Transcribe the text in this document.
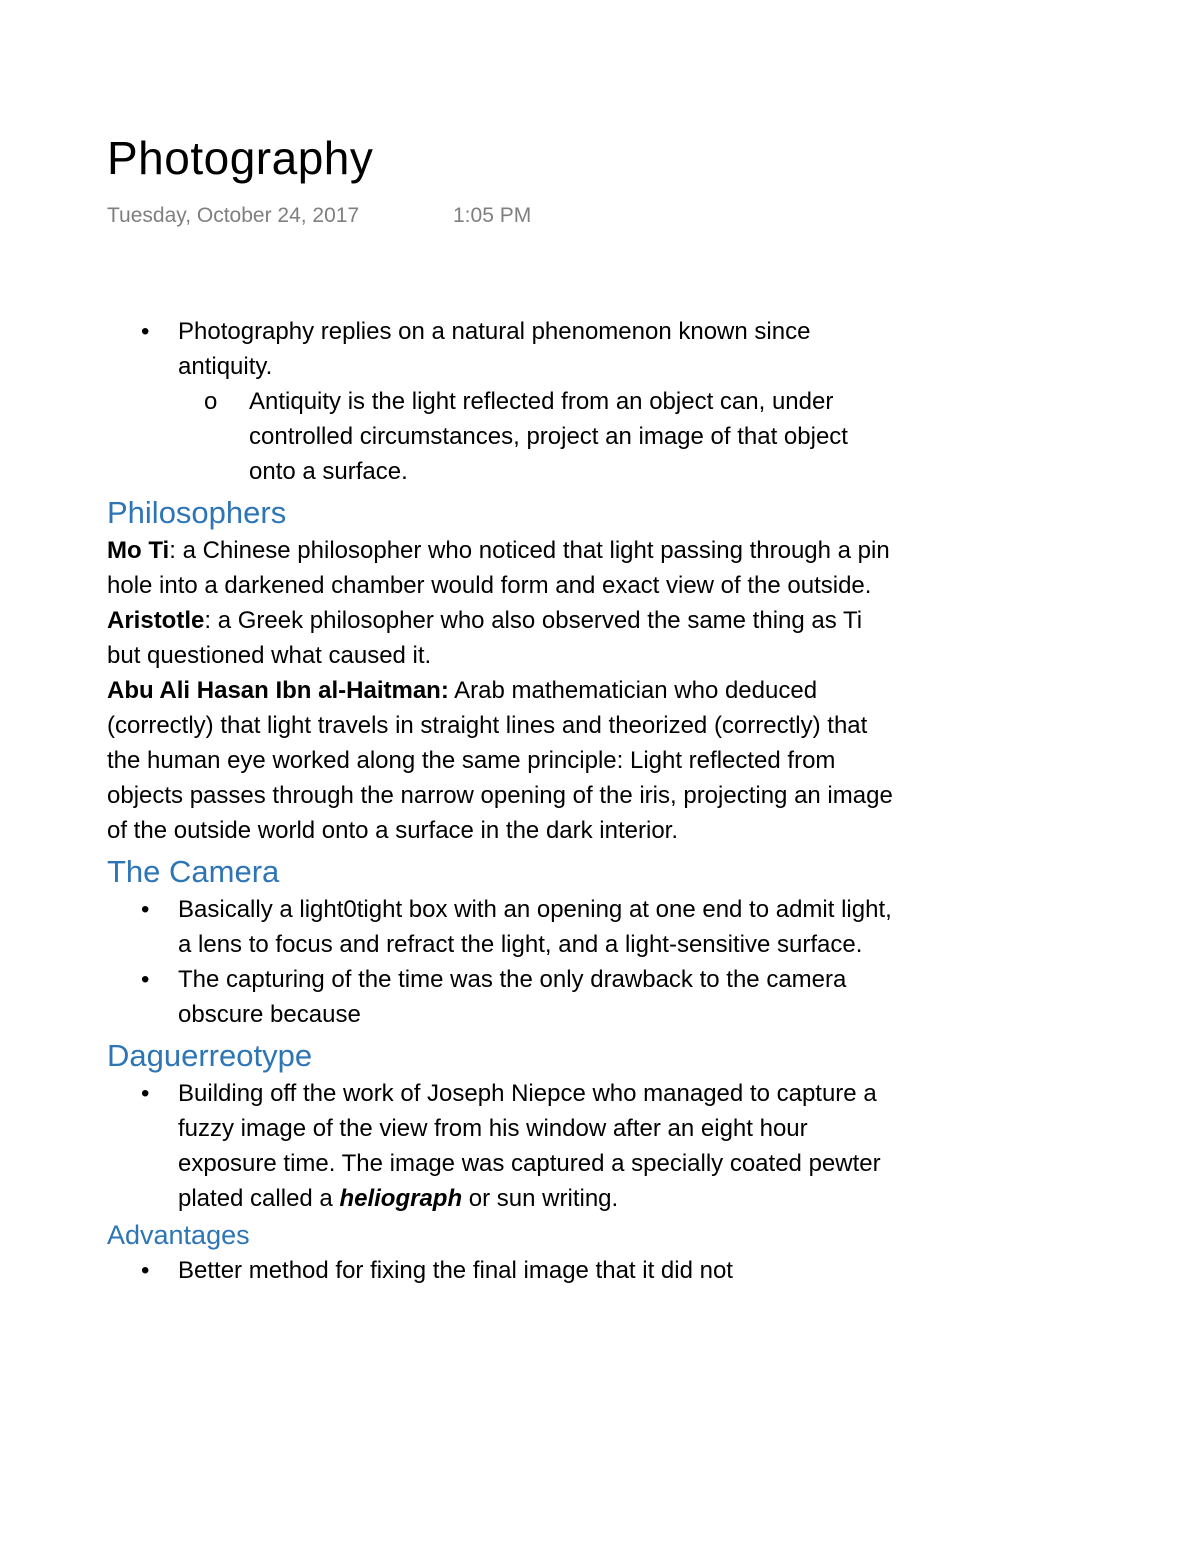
Photography
Tuesday, October 24, 2017	1:05 PM
• Photography replies on a natural phenomenon known since antiquity.
o Antiquity is the light reflected from an object can, under controlled circumstances, project an image of that object onto a surface.
Philosophers

Mo Ti: a Chinese philosopher who noticed that light passing through a pin hole into a darkened chamber would form and exact view of the outside.

Aristotle: a Greek philosopher who also observed the same thing as Ti but questioned what caused it.

Abu Ali Hasan Ibn al-Haitman: Arab mathematician who deduced (correctly) that light travels in straight lines and theorized (correctly) that the human eye worked along the same principle: Light reflected from objects passes through the narrow opening of the iris, projecting an image of the outside world onto a surface in the dark interior.

The Camera
• Basically a light0tight box with an opening at one end to admit light, a lens to focus and refract the light, and a light-sensitive surface.
• The capturing of the time was the only drawback to the camera obscure because
Daguerreotype
• Building off the work of Joseph Niepce who managed to capture a fuzzy image of the view from his window after an eight hour exposure time. The image was captured a specially coated pewter plated called a heliograph or sun writing.
Advantages
• Better method for fixing the final image that it did not
